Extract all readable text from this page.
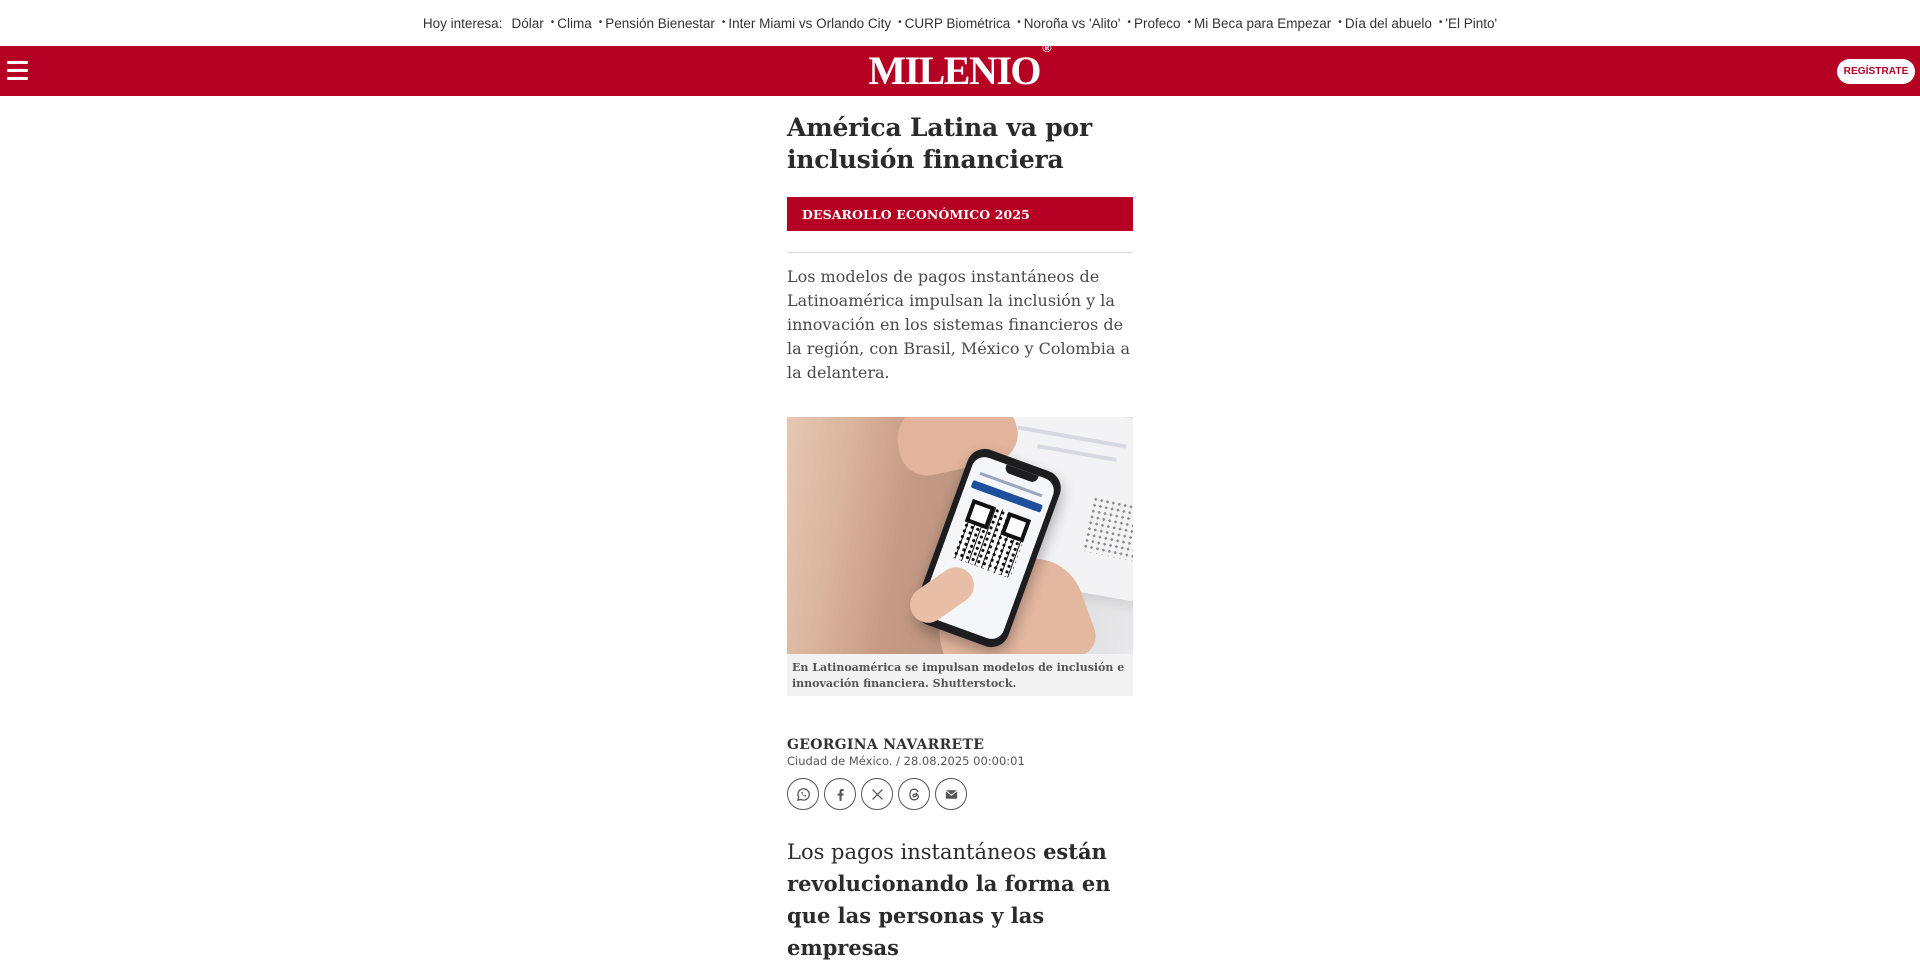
Hoy interesa: Dólar • Clima • Pensión Bienestar • Inter Miami vs Orlando City • CURP Biométrica • Noroña vs 'Alito' • Profeco • Mi Beca para Empezar • Día del abuelo • 'El Pinto'
MILENIO®
REGÍSTRATE
América Latina va por inclusión financiera
DESAROLLO ECONÓMICO 2025

Los modelos de pagos instantáneos de Latinoamérica impulsan la inclusión y la innovación en los sistemas financieros de la región, con Brasil, México y Colombia a la delantera.

En Latinoamérica se impulsan modelos de inclusión e innovación financiera. Shutterstock.
GEORGINA NAVARRETE
Ciudad de México. / 28.08.2025 00:00:01

Los pagos instantáneos están revolucionando la forma en que las personas y las empresas
